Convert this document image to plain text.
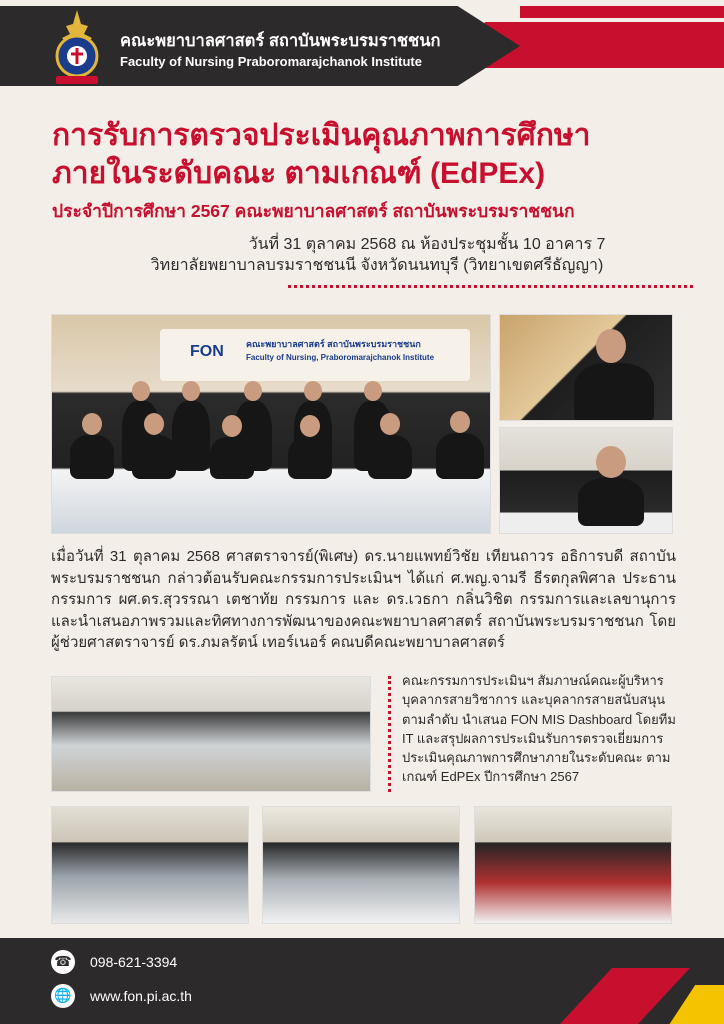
คณะพยาบาลศาสตร์ สถาบันพระบรมราชชนก
Faculty of Nursing Praboromarajchanok Institute
การรับการตรวจประเมินคุณภาพการศึกษา
ภายในระดับคณะ ตามเกณฑ์ (EdPEx)
ประจำปีการศึกษา 2567 คณะพยาบาลศาสตร์ สถาบันพระบรมราชชนก
วันที่ 31 ตุลาคม 2568 ณ ห้องประชุมชั้น 10 อาคาร 7
วิทยาลัยพยาบาลบรมราชชนนี จังหวัดนนทบุรี (วิทยาเขตศรีธัญญา)
FON คณะพยาบาลศาสตร์ สถาบันพระบรมราชชนก
Faculty of Nursing, Praboromarajchanok Institute
เมื่อวันที่ 31 ตุลาคม 2568 ศาสตราจารย์(พิเศษ) ดร.นายแพทย์วิชัย เทียนถาวร อธิการบดี สถาบันพระบรมราชชนก กล่าวต้อนรับคณะกรรมการประเมินฯ ได้แก่ ศ.พญ.จามรี ธีรตกุลพิศาล ประธานกรรมการ ผศ.ดร.สุวรรณา เตชาทัย กรรมการ และ ดร.เวธกา กลิ่นวิชิต กรรมการและเลขานุการ และนำเสนอภาพรวมและทิศทางการพัฒนาของคณะพยาบาลศาสตร์ สถาบันพระบรมราชชนก โดยผู้ช่วยศาสตราจารย์ ดร.ภมลรัตน์ เทอร์เนอร์ คณบดีคณะพยาบาลศาสตร์
คณะกรรมการประเมินฯ สัมภาษณ์คณะผู้บริหาร บุคลากรสายวิชาการ และบุคลากรสายสนับสนุน ตามลำดับ นำเสนอ FON MIS Dashboard โดยทีม IT และสรุปผลการประเมินรับการตรวจเยี่ยมการประเมินคุณภาพการศึกษาภายในระดับคณะ ตามเกณฑ์ EdPEx ปีการศึกษา 2567
☎ 098-621-3394
🌐 www.fon.pi.ac.th
